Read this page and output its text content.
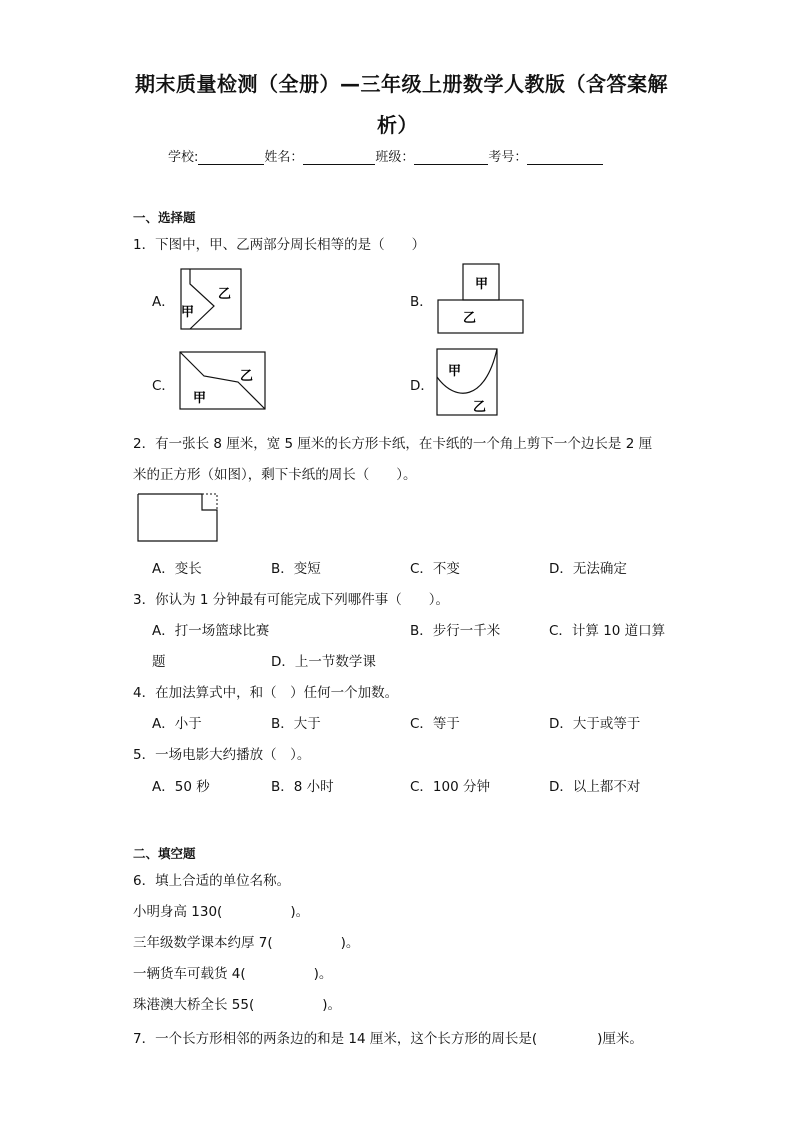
期末质量检测（全册）—三年级上册数学人教版（含答案解
析）
学校:	姓名：	班级：	考号：
一、选择题
1．下图中，甲、乙两部分周长相等的是（　　）
A．	乙
甲
B．
甲
乙
C．
乙
甲
D．
甲
乙
2．有一张长 8 厘米，宽 5 厘米的长方形卡纸，在卡纸的一个角上剪下一个边长是 2 厘
米的正方形（如图），剩下卡纸的周长（　　）。
A．变长	B．变短	C．不变	D．无法确定
3．你认为 1 分钟最有可能完成下列哪件事（　　）。
A．打一场篮球比赛	B．步行一千米	C．计算 10 道口算
题	D．上一节数学课
4．在加法算式中，和（　）任何一个加数。
A．小于	B．大于	C．等于	D．大于或等于
5．一场电影大约播放（　）。
A．50 秒	B．8 小时	C．100 分钟	D．以上都不对
二、填空题
6．填上合适的单位名称。
小明身高 130(	)。
三年级数学课本约厚 7(	)。
一辆货车可载货 4(	)。
珠港澳大桥全长 55(	)。
7．一个长方形相邻的两条边的和是 14 厘米，这个长方形的周长是(	)厘米。
